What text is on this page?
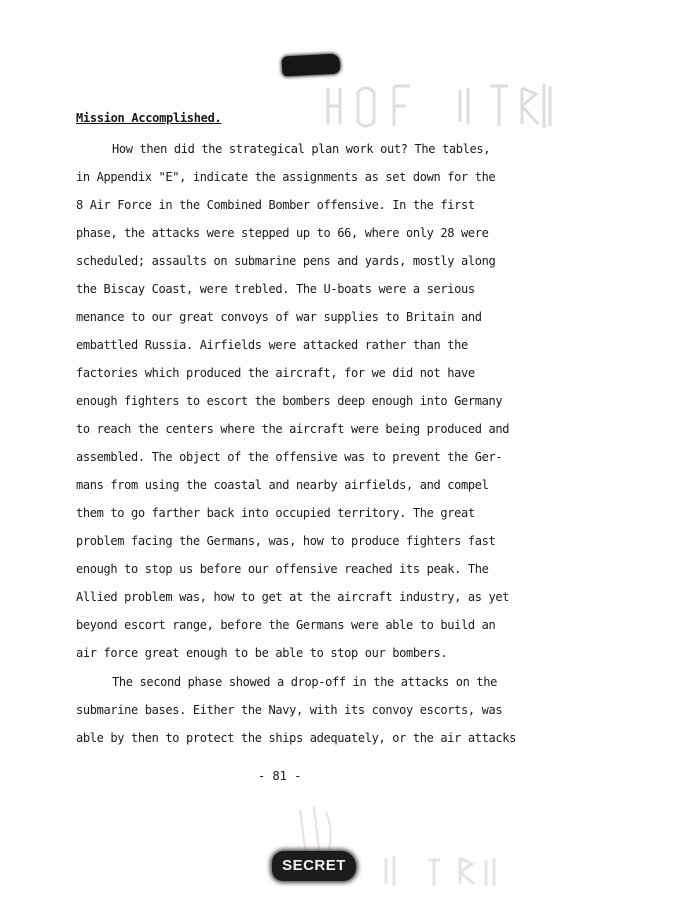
Mission Accomplished.
How then did the strategical plan work out? The tables,
in Appendix "E", indicate the assignments as set down for the
8 Air Force in the Combined Bomber offensive. In the first
phase, the attacks were stepped up to 66, where only 28 were
scheduled; assaults on submarine pens and yards, mostly along
the Biscay Coast, were trebled. The U-boats were a serious
menance to our great convoys of war supplies to Britain and
embattled Russia. Airfields were attacked rather than the
factories which produced the aircraft, for we did not have
enough fighters to escort the bombers deep enough into Germany
to reach the centers where the aircraft were being produced and
assembled. The object of the offensive was to prevent the Ger-
mans from using the coastal and nearby airfields, and compel
them to go farther back into occupied territory. The great
problem facing the Germans, was, how to produce fighters fast
enough to stop us before our offensive reached its peak. The
Allied problem was, how to get at the aircraft industry, as yet
beyond escort range, before the Germans were able to build an
air force great enough to be able to stop our bombers.
The second phase showed a drop-off in the attacks on the
submarine bases. Either the Navy, with its convoy escorts, was
able by then to protect the ships adequately, or the air attacks
- 81 -
SECRET
